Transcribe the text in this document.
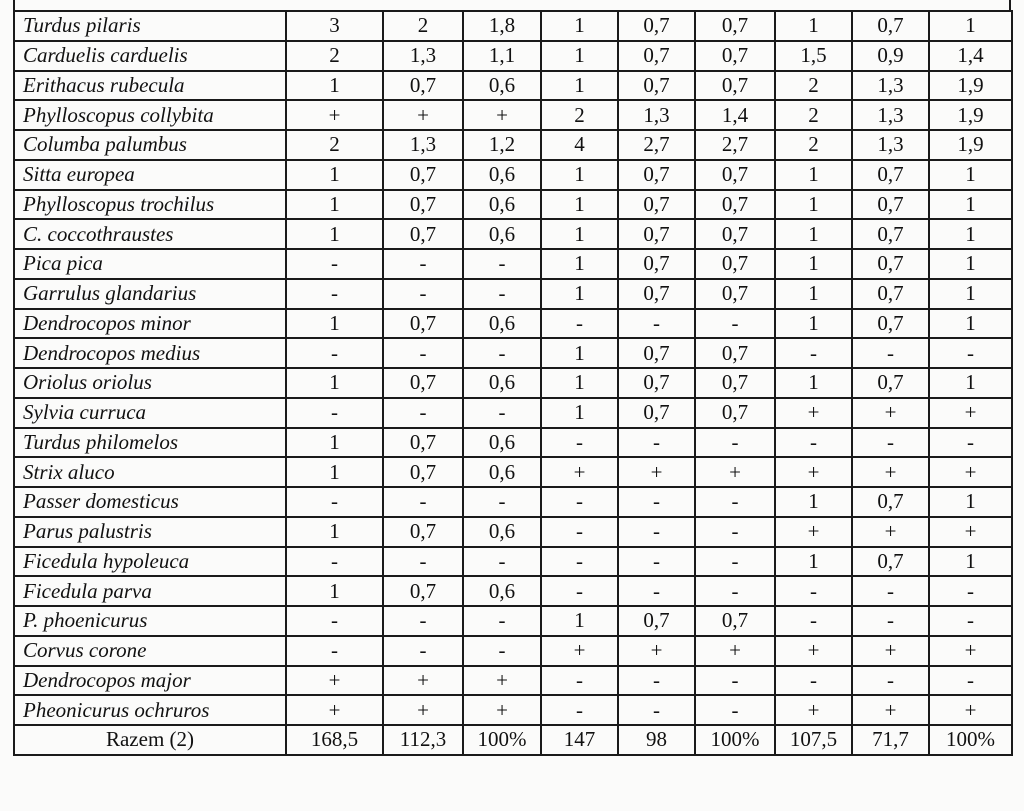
Turdus pilaris	3	2	1,8	1	0,7	0,7	1	0,7	1
Carduelis carduelis	2	1,3	1,1	1	0,7	0,7	1,5	0,9	1,4
Erithacus rubecula	1	0,7	0,6	1	0,7	0,7	2	1,3	1,9
Phylloscopus collybita	+	+	+	2	1,3	1,4	2	1,3	1,9
Columba palumbus	2	1,3	1,2	4	2,7	2,7	2	1,3	1,9
Sitta europea	1	0,7	0,6	1	0,7	0,7	1	0,7	1
Phylloscopus trochilus	1	0,7	0,6	1	0,7	0,7	1	0,7	1
C. coccothraustes	1	0,7	0,6	1	0,7	0,7	1	0,7	1
Pica pica	-	-	-	1	0,7	0,7	1	0,7	1
Garrulus glandarius	-	-	-	1	0,7	0,7	1	0,7	1
Dendrocopos minor	1	0,7	0,6	-	-	-	1	0,7	1
Dendrocopos medius	-	-	-	1	0,7	0,7	-	-	-
Oriolus oriolus	1	0,7	0,6	1	0,7	0,7	1	0,7	1
Sylvia curruca	-	-	-	1	0,7	0,7	+	+	+
Turdus philomelos	1	0,7	0,6	-	-	-	-	-	-
Strix aluco	1	0,7	0,6	+	+	+	+	+	+
Passer domesticus	-	-	-	-	-	-	1	0,7	1
Parus palustris	1	0,7	0,6	-	-	-	+	+	+
Ficedula hypoleuca	-	-	-	-	-	-	1	0,7	1
Ficedula parva	1	0,7	0,6	-	-	-	-	-	-
P. phoenicurus	-	-	-	1	0,7	0,7	-	-	-
Corvus corone	-	-	-	+	+	+	+	+	+
Dendrocopos major	+	+	+	-	-	-	-	-	-
Pheonicurus ochruros	+	+	+	-	-	-	+	+	+
Razem (2)	168,5	112,3	100%	147	98	100%	107,5	71,7	100%
